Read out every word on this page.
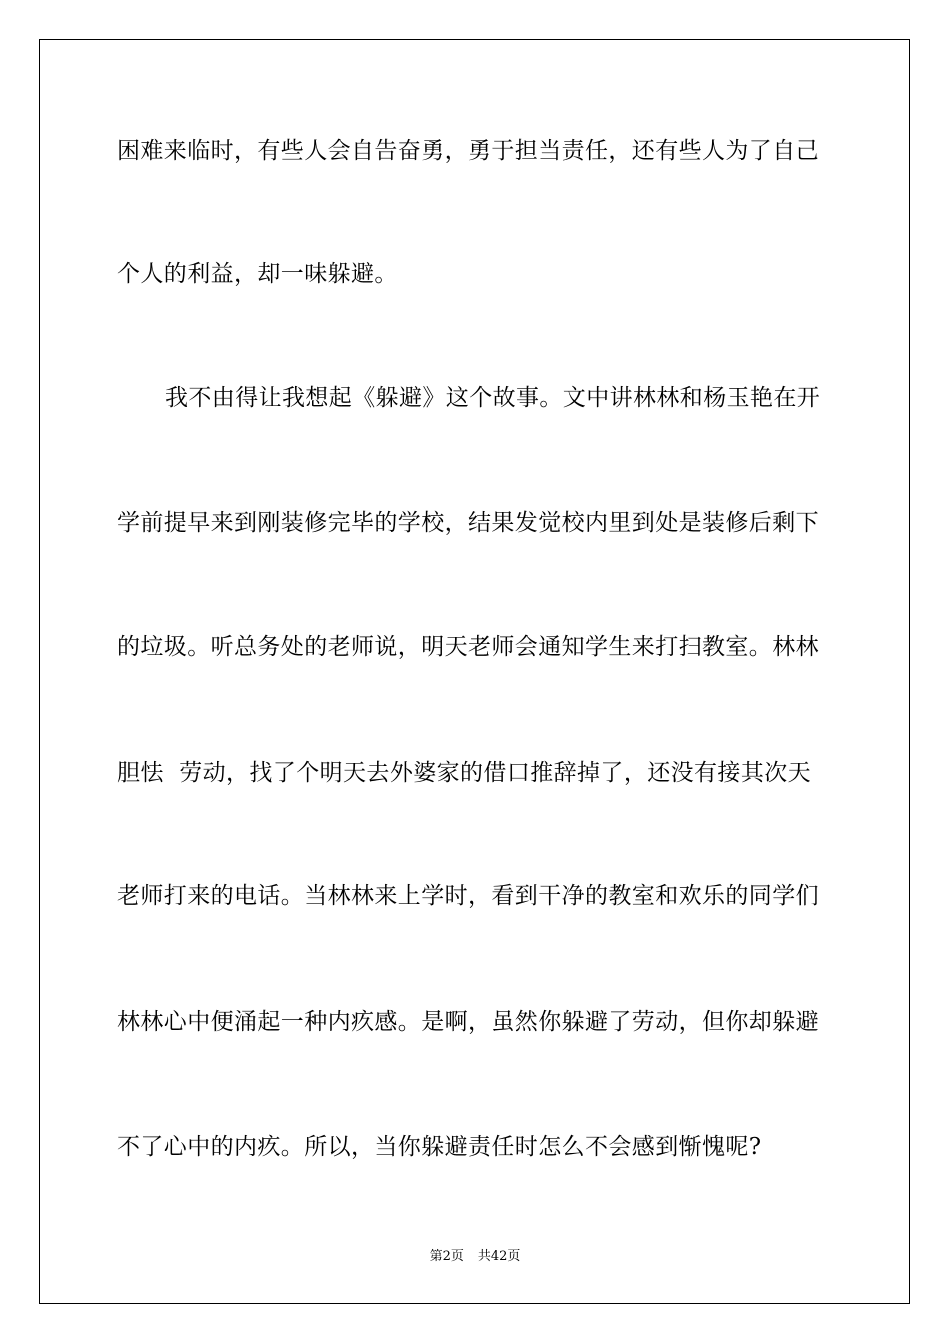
困难来临时，有些人会自告奋勇，勇于担当责任，还有些人为了自己
个人的利益，却一味躲避。
我不由得让我想起《躲避》这个故事。文中讲林林和杨玉艳在开
学前提早来到刚装修完毕的学校，结果发觉校内里到处是装修后剩下
的垃圾。听总务处的老师说，明天老师会通知学生来打扫教室。林林
胆怯  劳动，找了个明天去外婆家的借口推辞掉了，还没有接其次天
老师打来的电话。当林林来上学时，看到干净的教室和欢乐的同学们
林林心中便涌起一种内疚感。是啊，虽然你躲避了劳动，但你却躲避
不了心中的内疚。所以，当你躲避责任时怎么不会感到惭愧呢?
第2页 共42页
